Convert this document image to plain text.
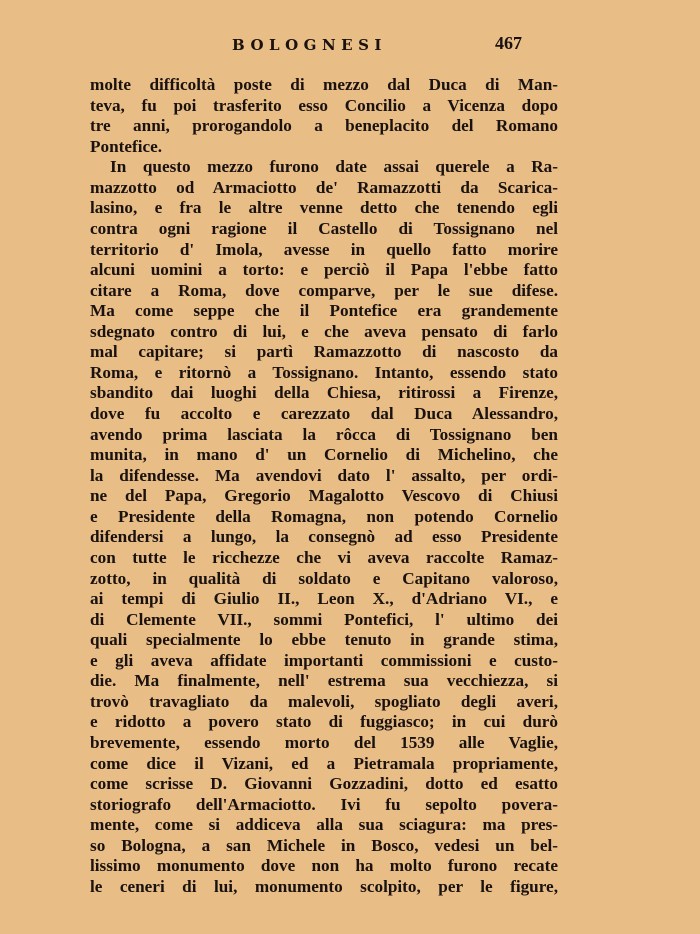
BOLOGNESI	467
molte difficoltà poste di mezzo dal Duca di Man-
teva, fu poi trasferito esso Concilio a Vicenza dopo
tre anni, prorogandolo a beneplacito del Romano
Pontefice.
In questo mezzo furono date assai querele a Ra-
mazzotto od Armaciotto de' Ramazzotti da Scarica-
lasino, e fra le altre venne detto che tenendo egli
contra ogni ragione il Castello di Tossignano nel
territorio d' Imola, avesse in quello fatto morire
alcuni uomini a torto: e perciò il Papa l'ebbe fatto
citare a Roma, dove comparve, per le sue difese.
Ma come seppe che il Pontefice era grandemente
sdegnato contro di lui, e che aveva pensato di farlo
mal capitare; si partì Ramazzotto di nascosto da
Roma, e ritornò a Tossignano. Intanto, essendo stato
sbandito dai luoghi della Chiesa, ritirossi a Firenze,
dove fu accolto e carezzato dal Duca Alessandro,
avendo prima lasciata la rôcca di Tossignano ben
munita, in mano d' un Cornelio di Michelino, che
la difendesse. Ma avendovi dato l' assalto, per ordi-
ne del Papa, Gregorio Magalotto Vescovo di Chiusi
e Presidente della Romagna, non potendo Cornelio
difendersi a lungo, la consegnò ad esso Presidente
con tutte le ricchezze che vi aveva raccolte Ramaz-
zotto, in qualità di soldato e Capitano valoroso,
ai tempi di Giulio II., Leon X., d'Adriano VI., e
di Clemente VII., sommi Pontefici, l' ultimo dei
quali specialmente lo ebbe tenuto in grande stima,
e gli aveva affidate importanti commissioni e custo-
die. Ma finalmente, nell' estrema sua vecchiezza, si
trovò travagliato da malevoli, spogliato degli averi,
e ridotto a povero stato di fuggiasco; in cui durò
brevemente, essendo morto del 1539 alle Vaglie,
come dice il Vizani, ed a Pietramala propriamente,
come scrisse D. Giovanni Gozzadini, dotto ed esatto
storiografo dell'Armaciotto. Ivi fu sepolto povera-
mente, come si addiceva alla sua sciagura: ma pres-
so Bologna, a san Michele in Bosco, vedesi un bel-
lissimo monumento dove non ha molto furono recate
le ceneri di lui, monumento scolpito, per le figure,
